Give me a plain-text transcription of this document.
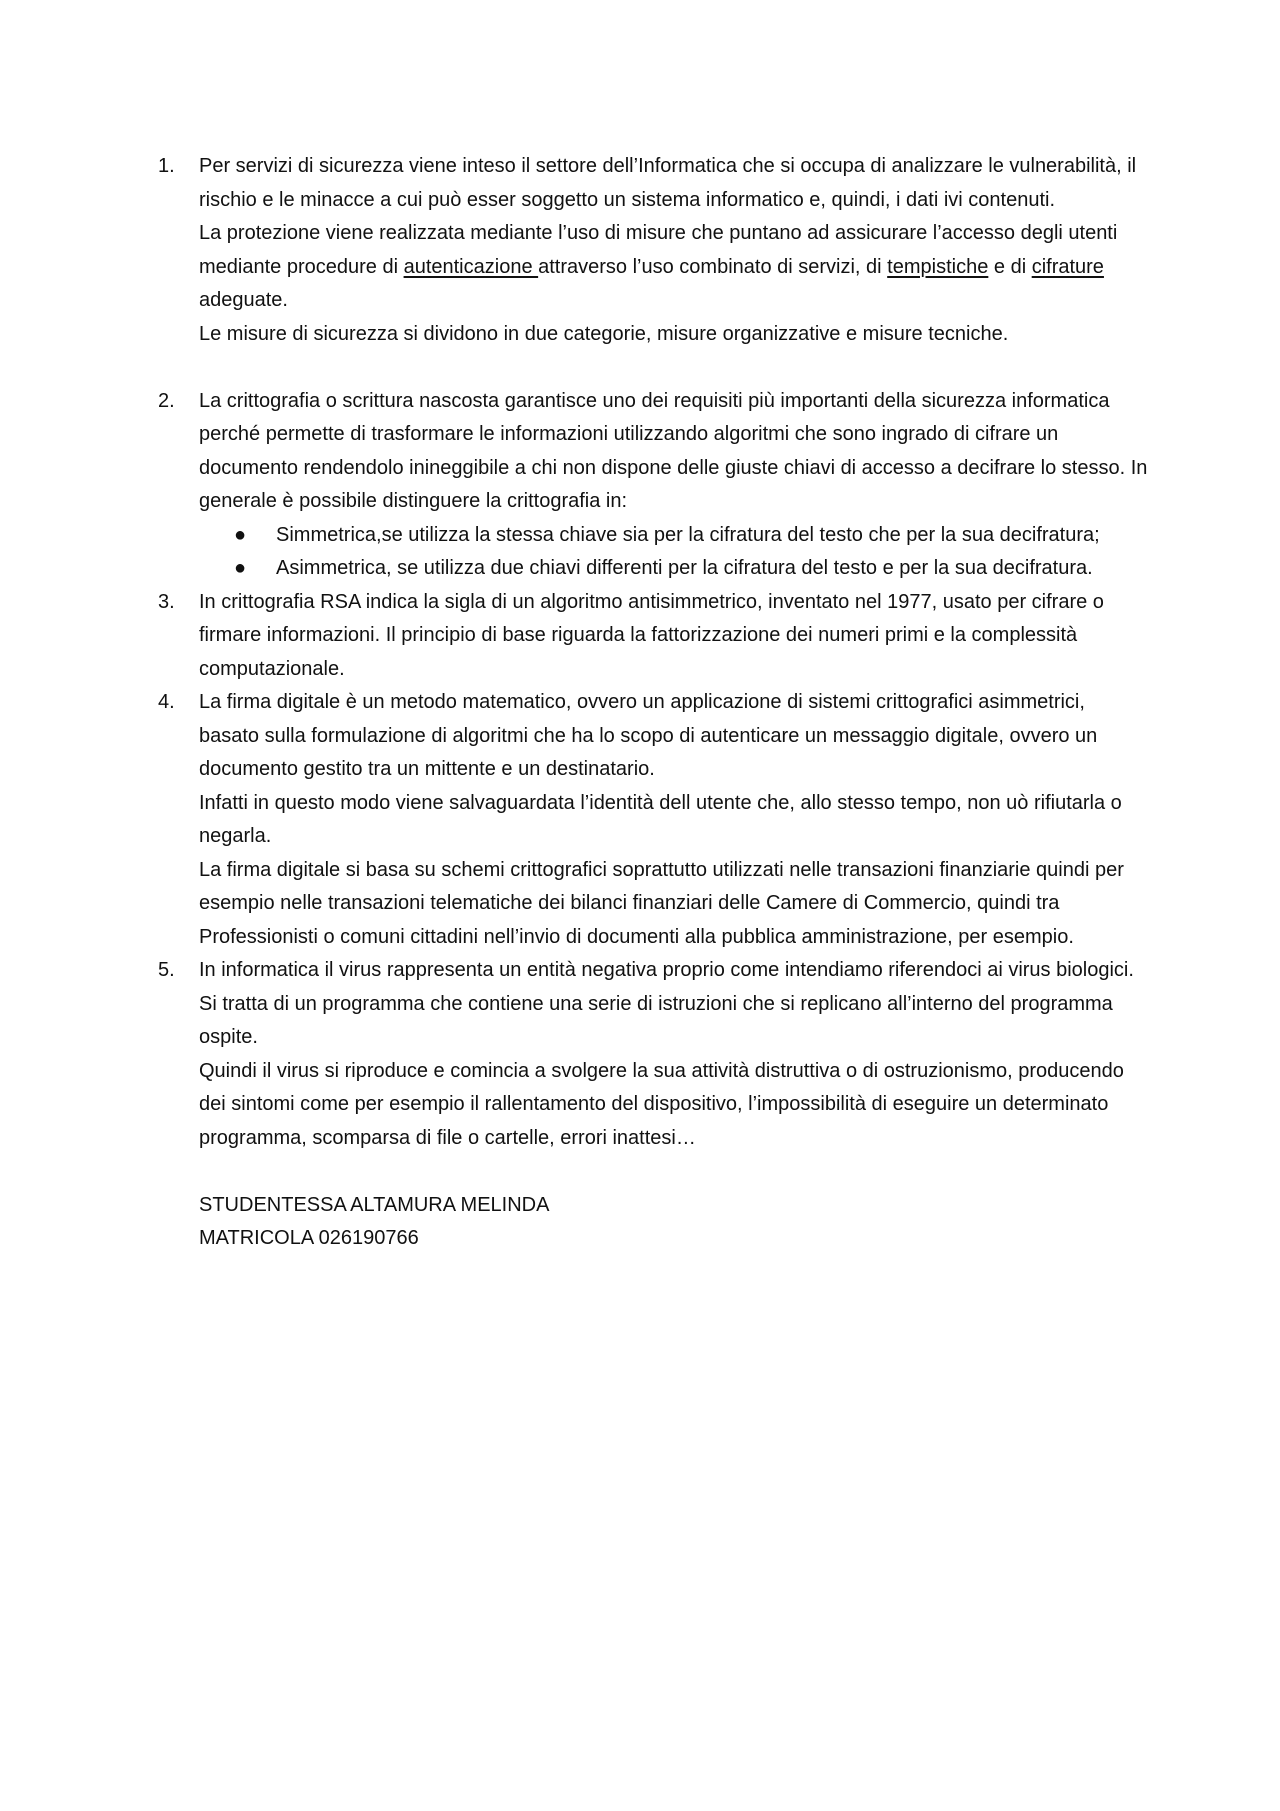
1. Per servizi di sicurezza viene inteso il settore dell’Informatica che si occupa di analizzare le vulnerabilità, il rischio e le minacce a cui può esser soggetto un sistema informatico e, quindi, i dati ivi contenuti.

La protezione viene realizzata mediante l’uso di misure che puntano ad assicurare l’accesso degli utenti mediante procedure di autenticazione attraverso l’uso combinato di servizi, di tempistiche e di cifrature adeguate.

Le misure di sicurezza si dividono in due categorie, misure organizzative e misure tecniche.

2. La crittografia o scrittura nascosta garantisce uno dei requisiti più importanti della sicurezza informatica perché permette di trasformare le informazioni utilizzando algoritmi che sono ingrado di cifrare un documento rendendolo inineggibile a chi non dispone delle giuste chiavi di accesso a decifrare lo stesso. In generale è possibile distinguere la crittografia in:

● Simmetrica,se utilizza la stessa chiave sia per la cifratura del testo che per la sua decifratura;
● Asimmetrica, se utilizza due chiavi differenti per la cifratura del testo e per la sua decifratura.
3. In crittografia RSA indica la sigla di un algoritmo antisimmetrico, inventato nel 1977, usato per cifrare o firmare informazioni. Il principio di base riguarda la fattorizzazione dei numeri primi e la complessità computazionale.

4. La firma digitale è un metodo matematico, ovvero un applicazione di sistemi crittografici asimmetrici, basato sulla formulazione di algoritmi che ha lo scopo di autenticare un messaggio digitale, ovvero un documento gestito tra un mittente e un destinatario.

Infatti in questo modo viene salvaguardata l’identità dell utente che, allo stesso tempo, non uò rifiutarla o negarla.

La firma digitale si basa su schemi crittografici soprattutto utilizzati nelle transazioni finanziarie quindi per esempio nelle transazioni telematiche dei bilanci finanziari delle Camere di Commercio, quindi tra Professionisti o comuni cittadini nell’invio di documenti alla pubblica amministrazione, per esempio.

5. In informatica il virus rappresenta un entità negativa proprio come intendiamo riferendoci ai virus biologici. Si tratta di un programma che contiene una serie di istruzioni che si replicano all’interno del programma ospite.

Quindi il virus si riproduce e comincia a svolgere la sua attività distruttiva o di ostruzionismo, producendo dei sintomi come per esempio il rallentamento del dispositivo, l’impossibilità di eseguire un determinato programma, scomparsa di file o cartelle, errori inattesi…

STUDENTESSA ALTAMURA MELINDA
MATRICOLA 026190766
